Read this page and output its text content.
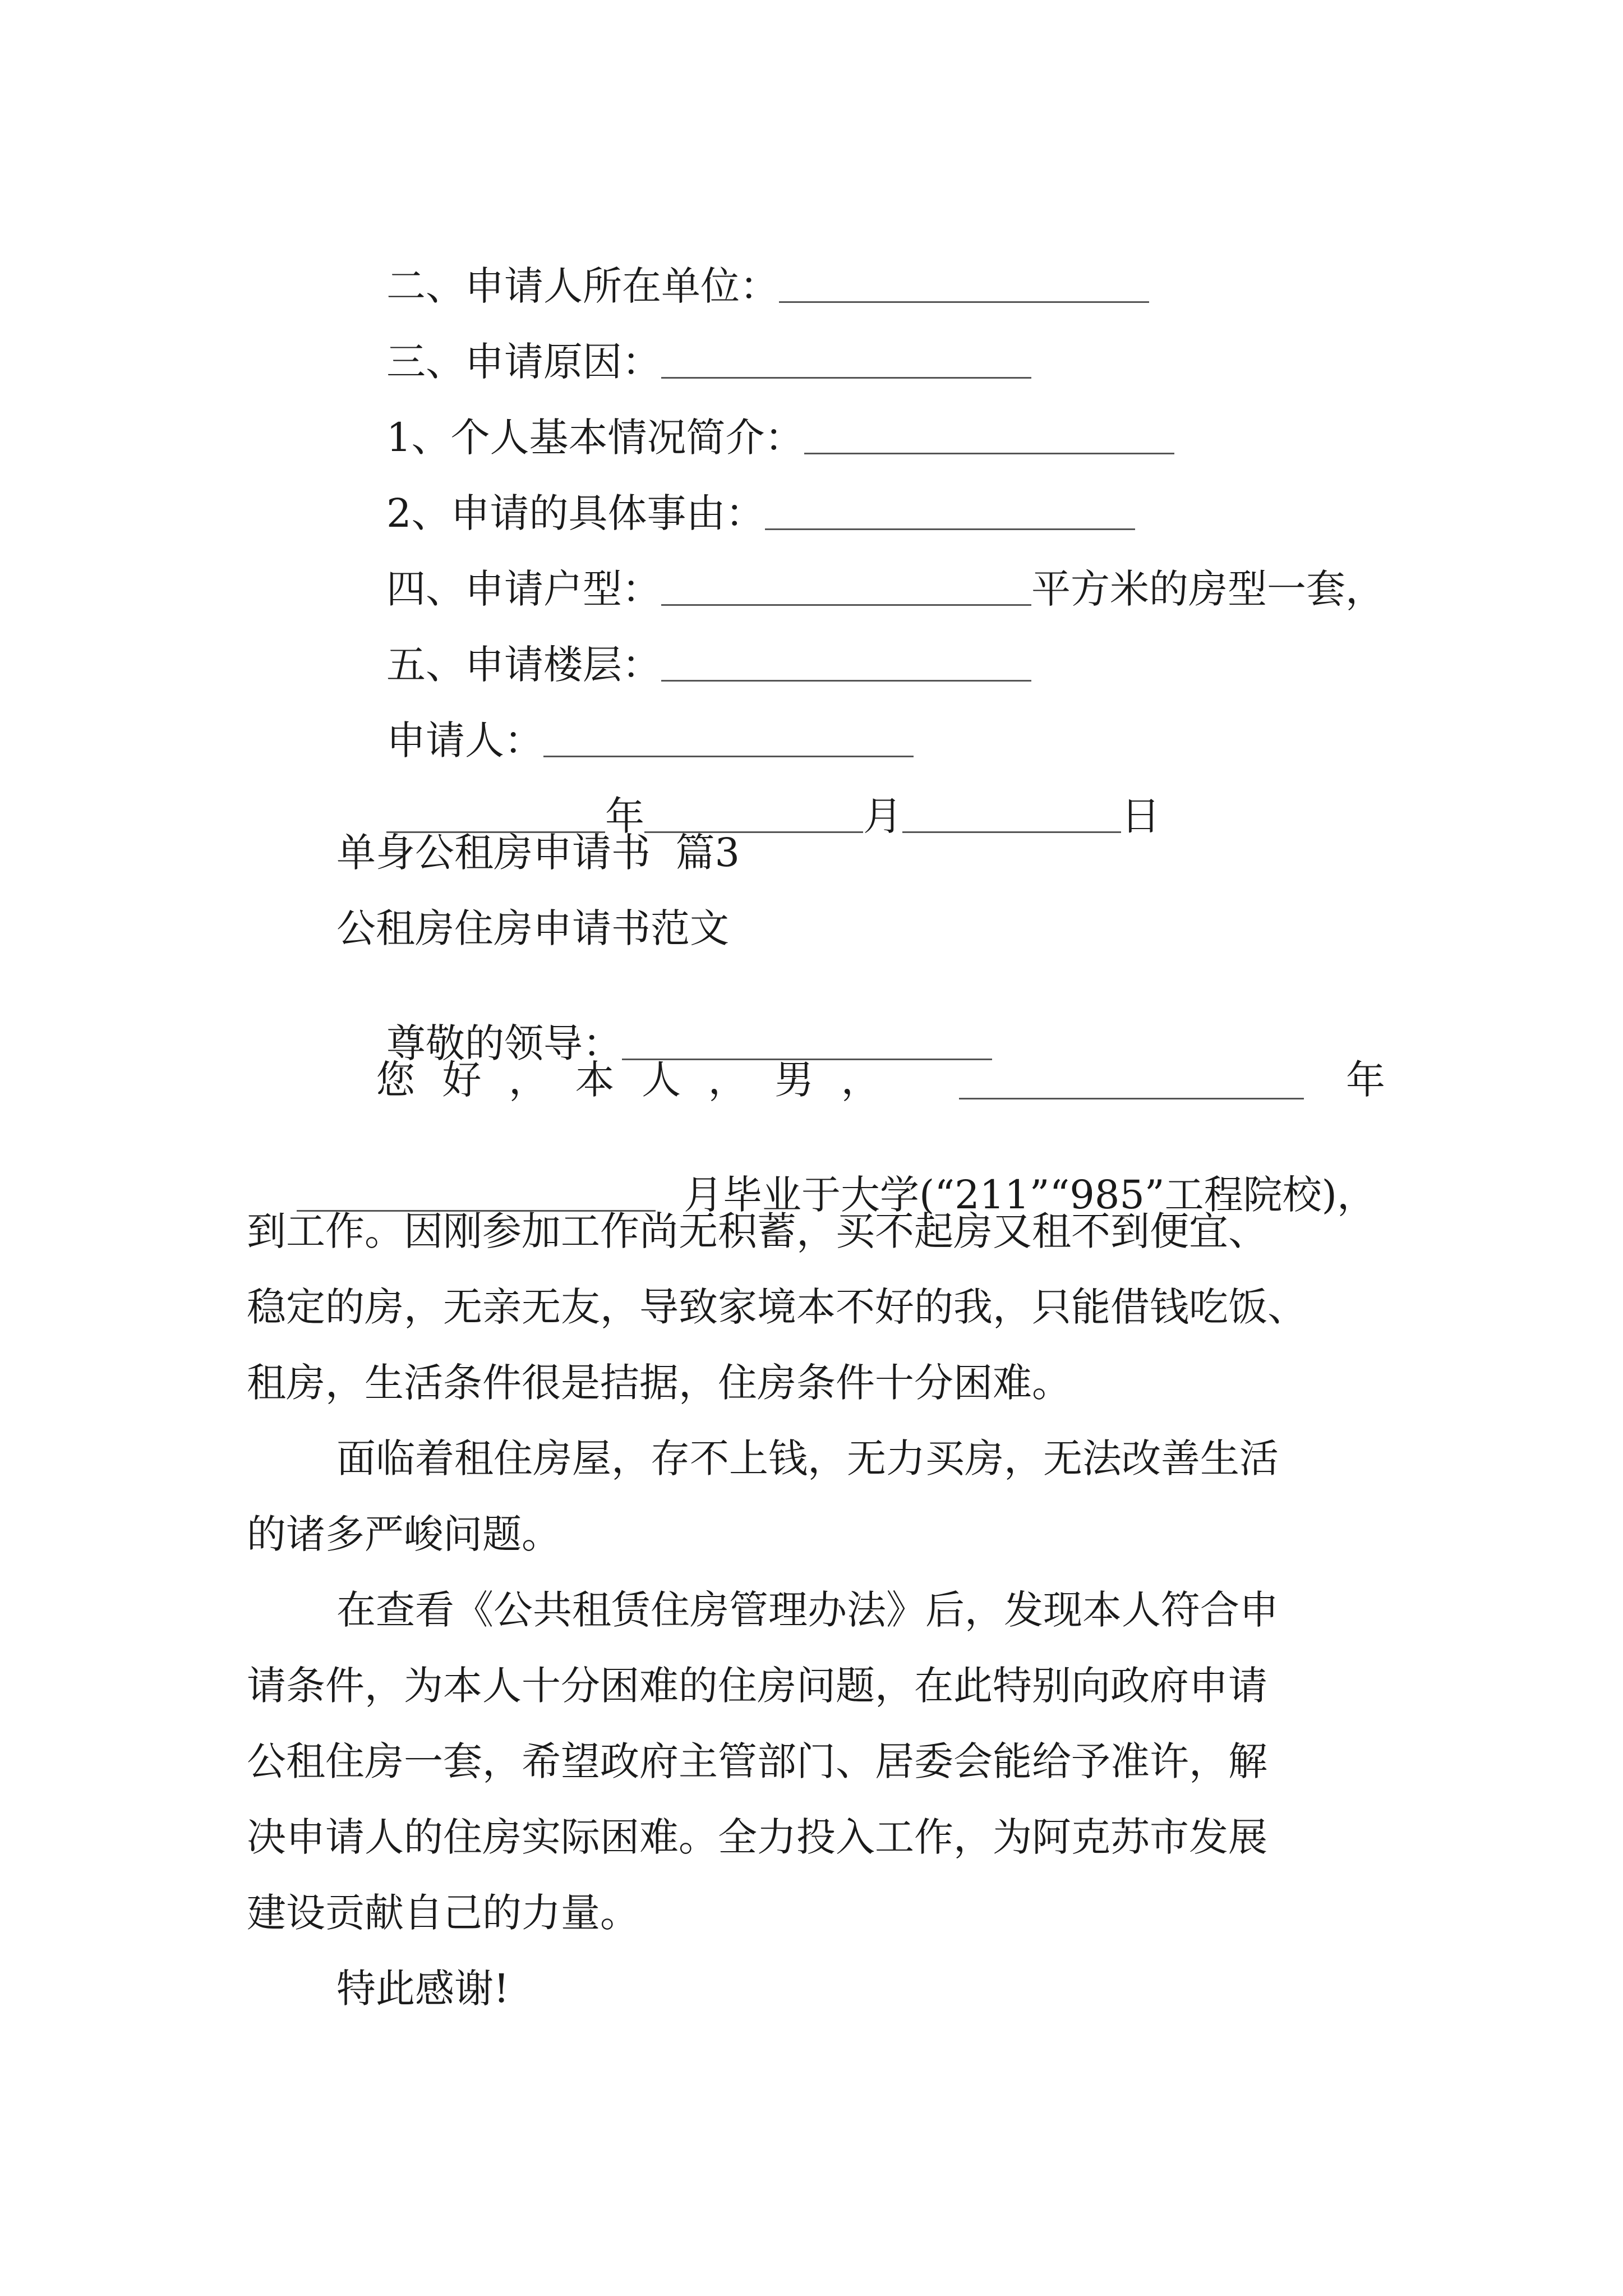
二、申请人所在单位：

三、申请原因：

1、个人基本情况简介：

2、申请的具体事由：

四、申请户型：	平方米的房型一套，

五、申请楼层：

申请人：

年	月	日

单身公租房申请书  篇3
公租房住房申请书范文

尊敬的领导：

您 好 ， 本 人 ， 男 ，	年

月毕业于大学(“211”“985”工程院校)，

到工作。因刚参加工作尚无积蓄，买不起房又租不到便宜、
稳定的房，无亲无友，导致家境本不好的我，只能借钱吃饭、
租房，生活条件很是拮据，住房条件十分困难。
面临着租住房屋，存不上钱，无力买房，无法改善生活
的诸多严峻问题。
在查看《公共租赁住房管理办法》后，发现本人符合申
请条件，为本人十分困难的住房问题，在此特别向政府申请
公租住房一套，希望政府主管部门、居委会能给予准许，解
决申请人的住房实际困难。全力投入工作，为阿克苏市发展
建设贡献自己的力量。
特此感谢!
